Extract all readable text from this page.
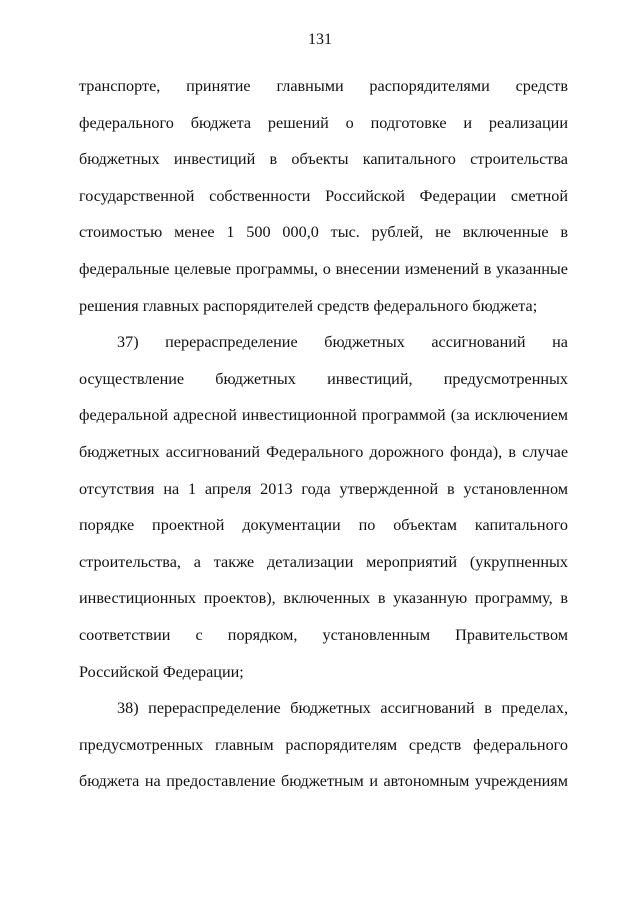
131
транспорте, принятие главными распорядителями средств
федерального бюджета решений о подготовке и реализации
бюджетных инвестиций в объекты капитального строительства
государственной собственности Российской Федерации сметной
стоимостью менее 1 500 000,0 тыс. рублей, не включенные в
федеральные целевые программы, о внесении изменений в указанные
решения главных распорядителей средств федерального бюджета;
37) перераспределение бюджетных ассигнований на
осуществление бюджетных инвестиций, предусмотренных
федеральной адресной инвестиционной программой (за исключением
бюджетных ассигнований Федерального дорожного фонда), в случае
отсутствия на 1 апреля 2013 года утвержденной в установленном
порядке проектной документации по объектам капитального
строительства, а также детализации мероприятий (укрупненных
инвестиционных проектов), включенных в указанную программу, в
соответствии с порядком, установленным Правительством
Российской Федерации;
38) перераспределение бюджетных ассигнований в пределах,
предусмотренных главным распорядителям средств федерального
бюджета на предоставление бюджетным и автономным учреждениям
